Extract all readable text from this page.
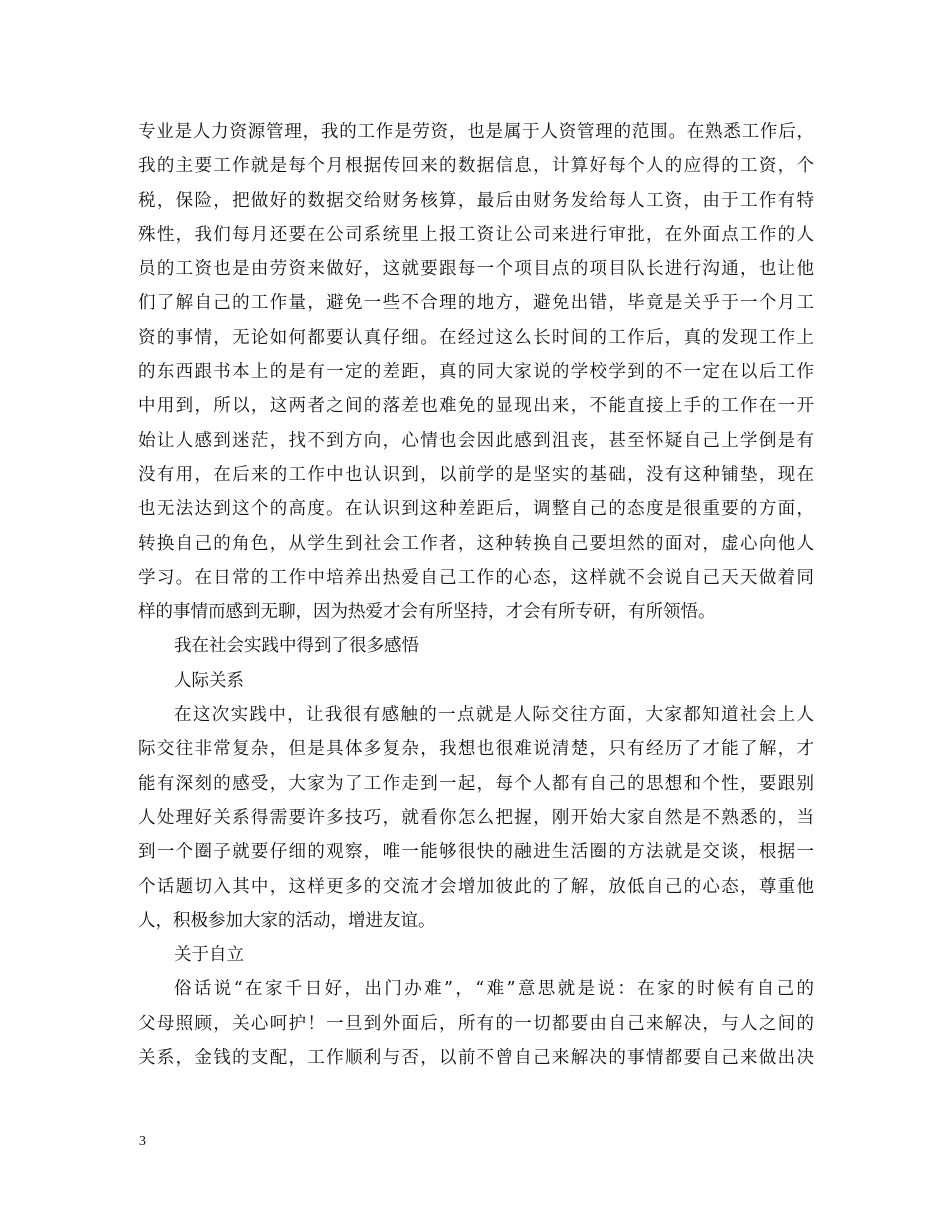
专业是人力资源管理，我的工作是劳资，也是属于人资管理的范围。在熟悉工作后，
我的主要工作就是每个月根据传回来的数据信息，计算好每个人的应得的工资，个
税，保险，把做好的数据交给财务核算，最后由财务发给每人工资，由于工作有特
殊性，我们每月还要在公司系统里上报工资让公司来进行审批，在外面点工作的人
员的工资也是由劳资来做好，这就要跟每一个项目点的项目队长进行沟通，也让他
们了解自己的工作量，避免一些不合理的地方，避免出错，毕竟是关乎于一个月工
资的事情，无论如何都要认真仔细。在经过这么长时间的工作后，真的发现工作上
的东西跟书本上的是有一定的差距，真的同大家说的学校学到的不一定在以后工作
中用到，所以，这两者之间的落差也难免的显现出来，不能直接上手的工作在一开
始让人感到迷茫，找不到方向，心情也会因此感到沮丧，甚至怀疑自己上学倒是有
没有用，在后来的工作中也认识到，以前学的是坚实的基础，没有这种铺垫，现在
也无法达到这个的高度。在认识到这种差距后，调整自己的态度是很重要的方面，
转换自己的角色，从学生到社会工作者，这种转换自己要坦然的面对，虚心向他人
学习。在日常的工作中培养出热爱自己工作的心态，这样就不会说自己天天做着同
样的事情而感到无聊，因为热爱才会有所坚持，才会有所专研，有所领悟。
我在社会实践中得到了很多感悟
人际关系
在这次实践中，让我很有感触的一点就是人际交往方面，大家都知道社会上人
际交往非常复杂，但是具体多复杂，我想也很难说清楚，只有经历了才能了解，才
能有深刻的感受，大家为了工作走到一起，每个人都有自己的思想和个性，要跟别
人处理好关系得需要许多技巧，就看你怎么把握，刚开始大家自然是不熟悉的，当
到一个圈子就要仔细的观察，唯一能够很快的融进生活圈的方法就是交谈，根据一
个话题切入其中，这样更多的交流才会增加彼此的了解，放低自己的心态，尊重他
人，积极参加大家的活动，增进友谊。
关于自立
俗话说“在家千日好，出门办难”，“难”意思就是说：在家的时候有自己的
父母照顾，关心呵护！一旦到外面后，所有的一切都要由自己来解决，与人之间的
关系，金钱的支配，工作顺利与否，以前不曾自己来解决的事情都要自己来做出决
3
